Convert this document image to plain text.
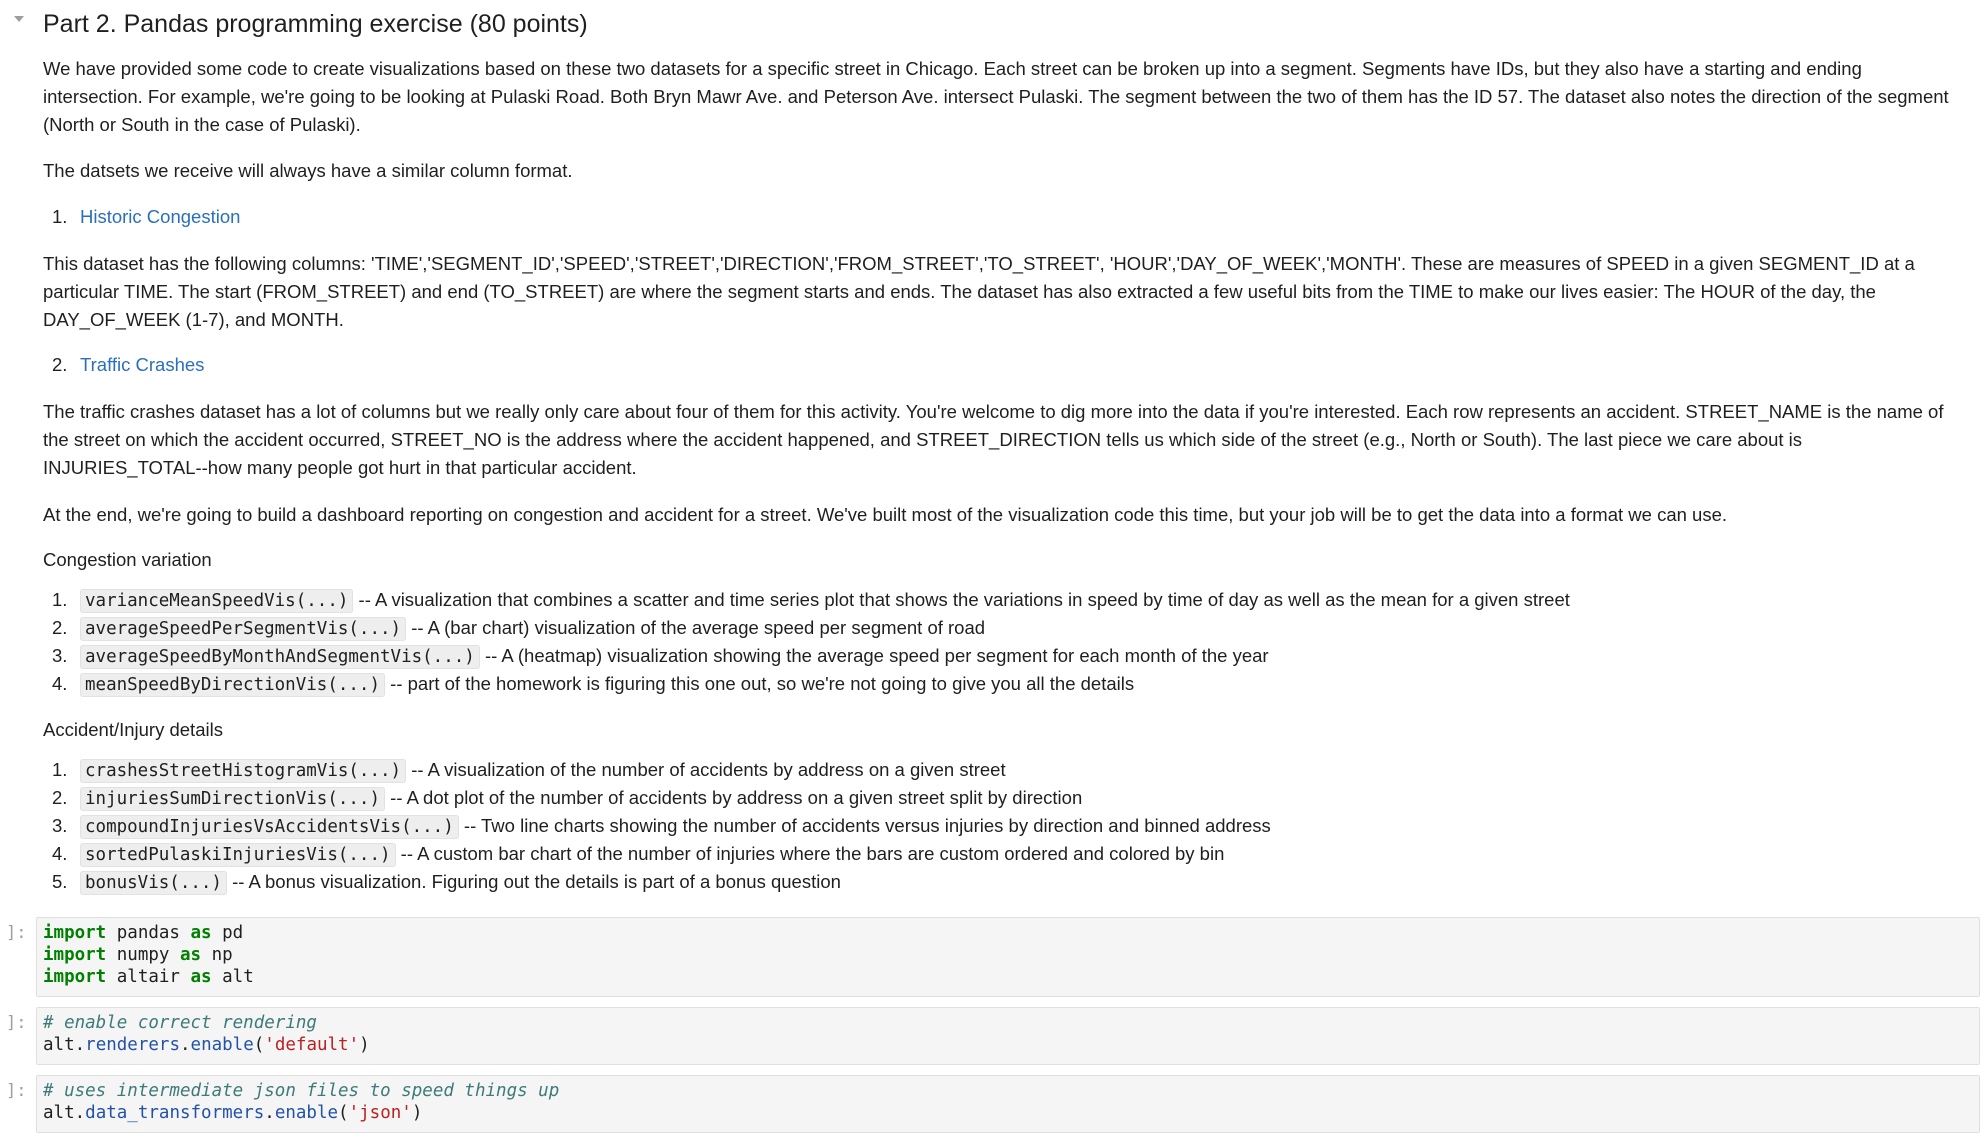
Part 2. Pandas programming exercise (80 points)

We have provided some code to create visualizations based on these two datasets for a specific street in Chicago. Each street can be broken up into a segment. Segments have IDs, but they also have a starting and ending intersection. For example, we're going to be looking at Pulaski Road. Both Bryn Mawr Ave. and Peterson Ave. intersect Pulaski. The segment between the two of them has the ID 57. The dataset also notes the direction of the segment (North or South in the case of Pulaski).

The datsets we receive will always have a similar column format.

1. Historic Congestion

This dataset has the following columns: 'TIME','SEGMENT_ID','SPEED','STREET','DIRECTION','FROM_STREET','TO_STREET', 'HOUR','DAY_OF_WEEK','MONTH'. These are measures of SPEED in a given SEGMENT_ID at a particular TIME. The start (FROM_STREET) and end (TO_STREET) are where the segment starts and ends. The dataset has also extracted a few useful bits from the TIME to make our lives easier: The HOUR of the day, the DAY_OF_WEEK (1-7), and MONTH.

2. Traffic Crashes

The traffic crashes dataset has a lot of columns but we really only care about four of them for this activity. You're welcome to dig more into the data if you're interested. Each row represents an accident. STREET_NAME is the name of the street on which the accident occurred, STREET_NO is the address where the accident happened, and STREET_DIRECTION tells us which side of the street (e.g., North or South). The last piece we care about is INJURIES_TOTAL--how many people got hurt in that particular accident.

At the end, we're going to build a dashboard reporting on congestion and accident for a street. We've built most of the visualization code this time, but your job will be to get the data into a format we can use.

Congestion variation
1. varianceMeanSpeedVis(...) -- A visualization that combines a scatter and time series plot that shows the variations in speed by time of day as well as the mean for a given street
2. averageSpeedPerSegmentVis(...) -- A (bar chart) visualization of the average speed per segment of road
3. averageSpeedByMonthAndSegmentVis(...) -- A (heatmap) visualization showing the average speed per segment for each month of the year
4. meanSpeedByDirectionVis(...) -- part of the homework is figuring this one out, so we're not going to give you all the details
Accident/Injury details
1. crashesStreetHistogramVis(...) -- A visualization of the number of accidents by address on a given street
2. injuriesSumDirectionVis(...) -- A dot plot of the number of accidents by address on a given street split by direction
3. compoundInjuriesVsAccidentsVis(...) -- Two line charts showing the number of accidents versus injuries by direction and binned address
4. sortedPulaskiInjuriesVis(...) -- A custom bar chart of the number of injuries where the bars are custom ordered and colored by bin
5. bonusVis(...) -- A bonus visualization. Figuring out the details is part of a bonus question
]: import pandas as pd
import numpy as np
import altair as alt
]: # enable correct rendering
alt.renderers.enable('default')
]: # uses intermediate json files to speed things up
alt.data_transformers.enable('json')
